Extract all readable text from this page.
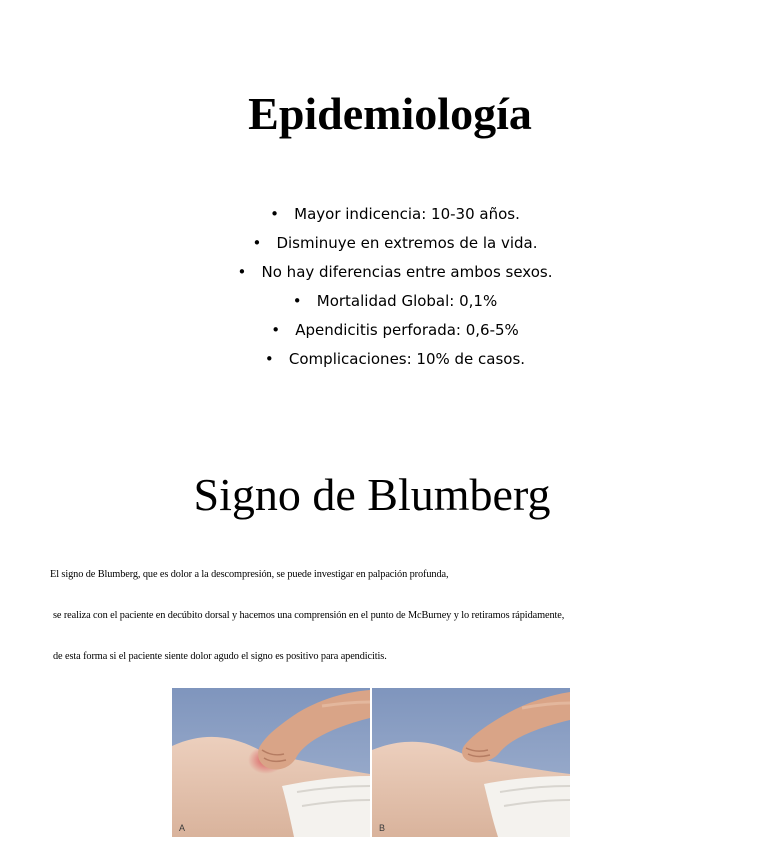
Epidemiología
• Mayor indicencia: 10-30 años.
• Disminuye en extremos de la vida.
• No hay diferencias entre ambos sexos.
• Mortalidad Global: 0,1%
• Apendicitis perforada: 0,6-5%
• Complicaciones: 10% de casos.
Signo de Blumberg

El signo de Blumberg, que es dolor a la descompresión, se puede investigar en palpación profunda,

se realiza con el paciente en decúbito dorsal y hacemos una comprensión en el punto de McBurney y lo retiramos rápidamente,

de esta forma si el paciente siente dolor agudo el signo es positivo para apendicitis.

A	B
